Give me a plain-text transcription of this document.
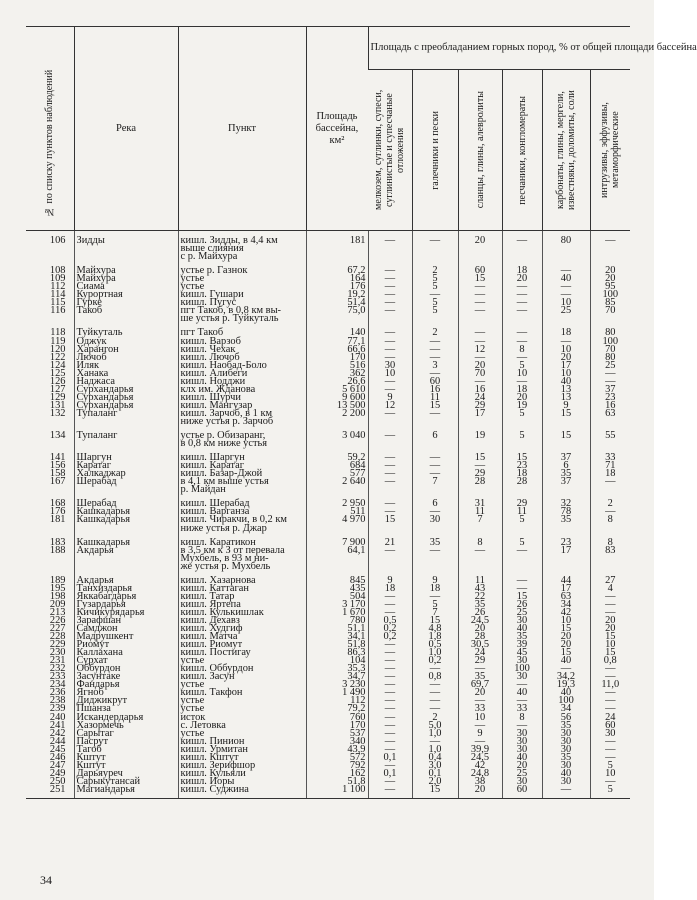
№ по списку пунктов наблюдений	Река	Пункт	Площадь бассейна, км²	Площадь с преобладанием горных пород, % от общей площади бассейна					

				мелкозем, суглинки, супеси, суглинистые и супесчаные отложения	галечники и пески	сланцы, глины, алевролиты	песчаники, конгломераты	карбонаты, глины, мергели, известняки, доломиты, соли	интрузивы, эффузивы, метаморфические

106	Зидды	кишл. Зидды, в 4,4 км
выше слияния
с р. Майхура	181	—	—	20	—	80	—

108	Майхура	устье р. Газнок	67,2	—	2	60	18	—	20
109	Майхура	устье	164	—	5	15	20	40	20
112	Сиама	устье	176	—	5	—	—	—	95
114	Курортная	кишл. Гушари	19,2	—	—	—	—	—	100
115	Гурке	кишл. Пугус	51,4	—	5	—	—	10	85
116	Такоб	пгт Такоб, в 0,8 км вы-
ше устья р. Туйкуталь	75,0	—	5	—	—	25	70

118	Туйкуталь	пгт Такоб	140	—	2	—	—	18	80
119	Оджук	кишл. Варзоб	77,1	—	—	—	—	—	100
120	Харангон	кишл. Чехак	66,6	—	—	12	8	10	70
122	Лючоб	кишл. Лючоб	170	—	—	—	—	20	80
124	Иляк	кишл. Наобад-Боло	516	30	3	20	5	17	25
125	Ханака	кишл. Алибеги	362	10	—	70	10	10	—
126	Наджаса	кишл. Нодджи	26,6	—	60	—	—	40	—
127	Сурхандарья	клх им. Жданова	5 610	—	16	16	18	13	37
129	Сурхандарья	кишл. Шурчи	9 600	9	11	24	20	13	23
131	Сурхандарья	кишл. Мангузар	13 500	12	15	29	19	9	16
132	Тупаланг	кишл. Зарчоб, в 1 км
ниже устья р. Зарчоб	2 200	—	—	17	5	15	63

134	Тупаланг	устье р. Обизаранг,
в 0,8 км ниже устья	3 040	—	6	19	5	15	55

141	Шаргун	кишл. Шаргун	59,2	—	—	15	15	37	33
156	Каратаг	кишл. Каратаг	684	—	—	—	23	6	71
158	Халкаджар	кишл. Базар-Джой	577	—	—	29	18	35	18
167	Шерабад	в 4,1 км выше устья
р. Майдан	2 640	—	7	28	28	37	—

168	Шерабад	кишл. Шерабад	2 950	—	6	31	29	32	2
176	Кашкадарья	кишл. Варганза	511	—	—	11	11	78	—
181	Кашкадарья	кишл. Чиракчи, в 0,2 км
ниже устья р. Джар	4 970	15	30	7	5	35	8

183	Кашкадарья	кишл. Каратикон	7 900	21	35	8	5	23	8
188	Акдарья	в 3,5 км к З от перевала
Мухбель, в 93 м ни-
же устья р. Мухбель	64,1	—	—	—	—	17	83

189	Акдарья	кишл. Хазарнова	845	9	9	11	—	44	27
195	Танхиздарья	кишл. Каттаган	435	18	18	43	—	17	4
198	Яккабагдарья	кишл. Татар	504	—	—	22	15	63	—
209	Гузардарья	кишл. Яртепа	3 170	—	5	35	26	34	—
213	Кичикурядарья	кишл. Кулькишлак	1 670	—	7	26	25	42	—
226	Зарафшан	кишл. Дехавз	780	0,5	15	24,5	30	10	20
227	Самджон	кишл. Худгиф	51,1	0,2	4,8	20	40	15	20
228	Мадрушкент	кишл. Матча	34,1	0,2	1,8	28	35	20	15
229	Риомут	кишл. Риомут	51,8	—	0,5	30,5	39	20	10
230	Каллахана	кишл. Постигау	86,3	—	1,0	24	45	15	15
231	Сурхат	устье	104	—	0,2	29	30	40	0,8
232	Оббурдон	кишл. Оббурдон	35,3	—	—	—	100	—	—
233	Засунтаке	кишл. Засун	34,7	—	0,8	35	30	34,2	—
234	Фандарья	устье	3 230	—	—	69,7	—	19,3	11,0
236	Ягноб	кишл. Такфон	1 490	—	—	20	40	40	—
238	Диджикрут	устье	112	—	—	—	—	100	—
239	Пшанза	устье	79,2	—	—	33	33	34	—
240	Искандердарья	исток	760	—	2	10	8	56	24
241	Хазормечь	с. Летовка	170	—	5,0	—	—	35	60
242	Сарытаг	устье	537	—	1,0	9	30	30	30
244	Пасрут	кишл. Пинион	340	—	—	—	30	30	—
245	Тагоб	кишл. Урмитан	43,9	—	1,0	39,9	30	30	—
246	Кштут	кишл. Кштут	572	0,1	0,4	24,5	40	35	—
247	Кштут	кишл. Зерифшор	792	—	3,0	42	20	30	5
249	Дарьяуреч	кишл. Кульяли	162	0,1	0,1	24,8	25	40	10
250	Сарыкутансай	кишл. Иоры	51,8	—	2,0	38	30	30	—
251	Магиандарья	кишл. Суджина	1 100	—	15	20	60	—	5

34
